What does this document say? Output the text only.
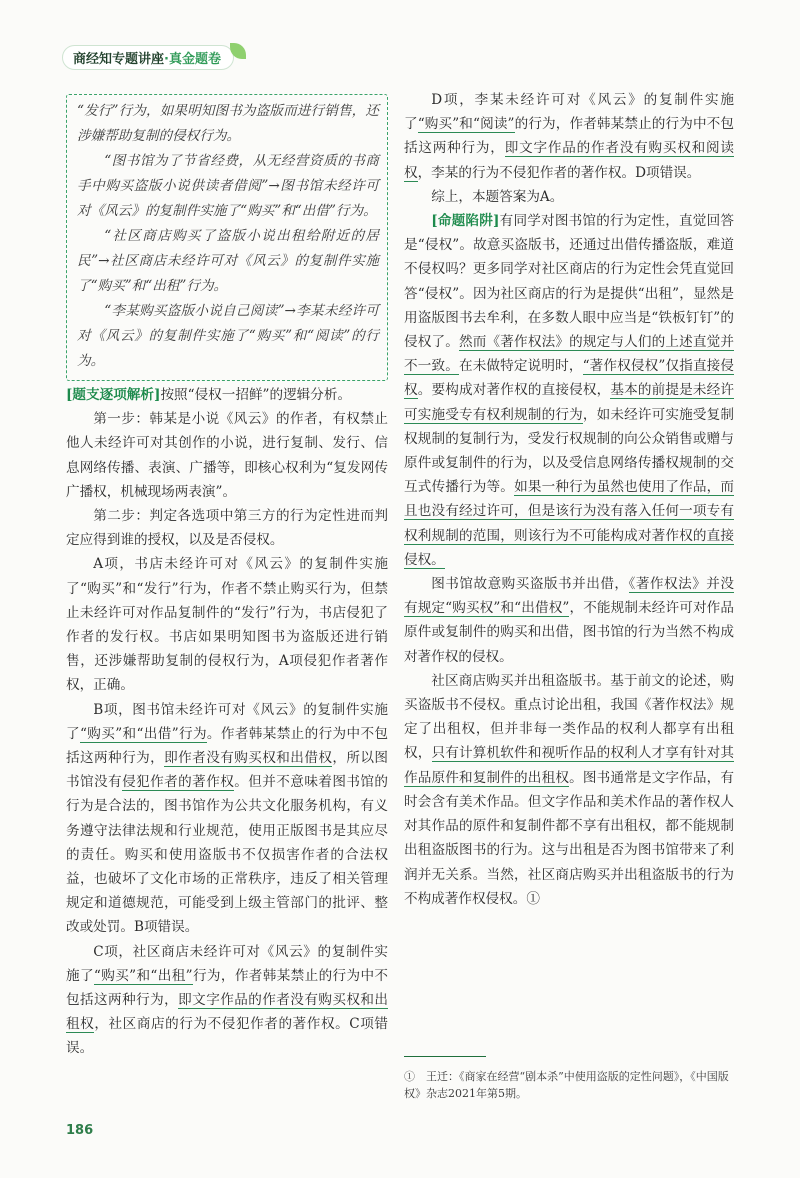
商经知专题讲座·真金题卷

“发行”行为，如果明知图书为盗版而进行销售，还涉嫌帮助复制的侵权行为。

“图书馆为了节省经费，从无经营资质的书商手中购买盗版小说供读者借阅”→图书馆未经许可对《风云》的复制件实施了“购买”和“出借”行为。

“社区商店购买了盗版小说出租给附近的居民”→社区商店未经许可对《风云》的复制件实施了“购买”和“出租”行为。

“李某购买盗版小说自己阅读”→李某未经许可对《风云》的复制件实施了“购买”和“阅读”的行为。

[题支逐项解析]按照“侵权一招鲜”的逻辑分析。

第一步：韩某是小说《风云》的作者，有权禁止他人未经许可对其创作的小说，进行复制、发行、信息网络传播、表演、广播等，即核心权利为“复发网传广播权，机械现场两表演”。

第二步：判定各选项中第三方的行为定性进而判定应得到谁的授权，以及是否侵权。

A项，书店未经许可对《风云》的复制件实施了“购买”和“发行”行为，作者不禁止购买行为，但禁止未经许可对作品复制件的“发行”行为，书店侵犯了作者的发行权。书店如果明知图书为盗版还进行销售，还涉嫌帮助复制的侵权行为，A项侵犯作者著作权，正确。

B项，图书馆未经许可对《风云》的复制件实施了“购买”和“出借”行为。作者韩某禁止的行为中不包括这两种行为，即作者没有购买权和出借权，所以图书馆没有侵犯作者的著作权。但并不意味着图书馆的行为是合法的，图书馆作为公共文化服务机构，有义务遵守法律法规和行业规范，使用正版图书是其应尽的责任。购买和使用盗版书不仅损害作者的合法权益，也破坏了文化市场的正常秩序，违反了相关管理规定和道德规范，可能受到上级主管部门的批评、整改或处罚。B项错误。

C项，社区商店未经许可对《风云》的复制件实施了“购买”和“出租”行为，作者韩某禁止的行为中不包括这两种行为，即文字作品的作者没有购买权和出租权，社区商店的行为不侵犯作者的著作权。C项错误。

D项，李某未经许可对《风云》的复制件实施了“购买”和“阅读”的行为，作者韩某禁止的行为中不包括这两种行为，即文字作品的作者没有购买权和阅读权，李某的行为不侵犯作者的著作权。D项错误。

综上，本题答案为A。

[命题陷阱]有同学对图书馆的行为定性，直觉回答是“侵权”。故意买盗版书，还通过出借传播盗版，难道不侵权吗？更多同学对社区商店的行为定性会凭直觉回答“侵权”。因为社区商店的行为是提供“出租”，显然是用盗版图书去牟利，在多数人眼中应当是“铁板钉钉”的侵权了。然而《著作权法》的规定与人们的上述直觉并不一致。在未做特定说明时，“著作权侵权”仅指直接侵权。要构成对著作权的直接侵权，基本的前提是未经许可实施受专有权利规制的行为，如未经许可实施受复制权规制的复制行为，受发行权规制的向公众销售或赠与原件或复制件的行为，以及受信息网络传播权规制的交互式传播行为等。如果一种行为虽然也使用了作品，而且也没有经过许可，但是该行为没有落入任何一项专有权利规制的范围，则该行为不可能构成对著作权的直接侵权。

图书馆故意购买盗版书并出借，《著作权法》并没有规定“购买权”和“出借权”，不能规制未经许可对作品原件或复制件的购买和出借，图书馆的行为当然不构成对著作权的侵权。

社区商店购买并出租盗版书。基于前文的论述，购买盗版书不侵权。重点讨论出租，我国《著作权法》规定了出租权，但并非每一类作品的权利人都享有出租权，只有计算机软件和视听作品的权利人才享有针对其作品原件和复制件的出租权。图书通常是文字作品，有时会含有美术作品。但文字作品和美术作品的著作权人对其作品的原件和复制件都不享有出租权，都不能规制出租盗版图书的行为。这与出租是否为图书馆带来了利润并无关系。当然，社区商店购买并出租盗版书的行为不构成著作权侵权。①

①　王迁：《商家在经营“剧本杀”中使用盗版的定性问题》，《中国版权》杂志2021年第5期。
186
